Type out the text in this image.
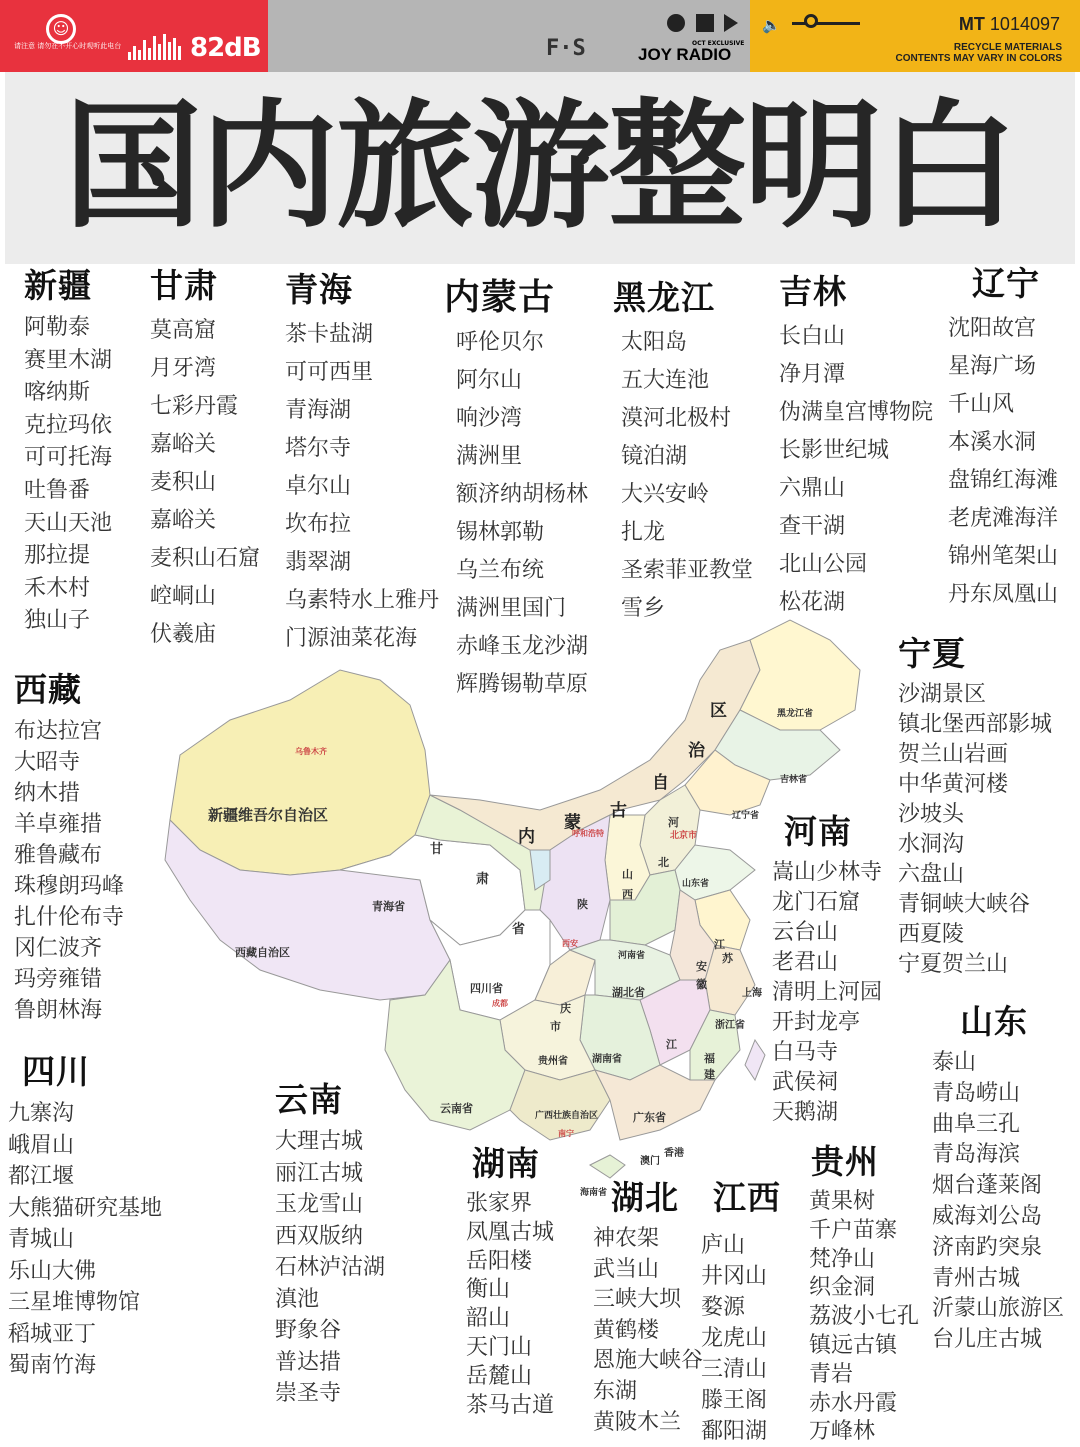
☺
请注意 请勿在不开心时观听此电台	82dB	F·S	OCT EXCLUSIVE
JOY RADIO
MT 1014097
RECYCLE MATERIALS
CONTENTS MAY VARY IN COLORS
🔈
国内旅游整明白
新疆维吾尔自治区
乌鲁木齐
青海省
西藏自治区
甘
肃
省
四川省
成都
云南省
广西壮族自治区
南宁
广东省
海南省
黑龙江省
吉林省
辽宁省
河
北京市
北
呼和浩特
山东省
山
西
陕
西安
河南省
湖北省
湖南省
贵州省
江
江
苏
安
徽
上海
浙江省
福
建
庆
市
香港
澳门
内
蒙
古
自
治
区
新疆
阿勒泰
赛里木湖
喀纳斯
克拉玛依
可可托海
吐鲁番
天山天池
那拉提
禾木村
独山子
甘肃
莫高窟
月牙湾
七彩丹霞
嘉峪关
麦积山
嘉峪关
麦积山石窟
崆峒山
伏羲庙
青海
茶卡盐湖
可可西里
青海湖
塔尔寺
卓尔山
坎布拉
翡翠湖
乌素特水上雅丹
门源油菜花海
内蒙古
呼伦贝尔
阿尔山
响沙湾
满洲里
额济纳胡杨林
锡林郭勒
乌兰布统
满洲里国门
赤峰玉龙沙湖
辉腾锡勒草原
黑龙江
太阳岛
五大连池
漠河北极村
镜泊湖
大兴安岭
扎龙
圣索菲亚教堂
雪乡
吉林
长白山
净月潭
伪满皇宫博物院
长影世纪城
六鼎山
查干湖
北山公园
松花湖
辽宁
沈阳故宫
星海广场
千山风
本溪水洞
盘锦红海滩
老虎滩海洋
锦州笔架山
丹东凤凰山
西藏
布达拉宫
大昭寺
纳木措
羊卓雍措
雅鲁藏布
珠穆朗玛峰
扎什伦布寺
冈仁波齐
玛旁雍错
鲁朗林海
宁夏
沙湖景区
镇北堡西部影城
贺兰山岩画
中华黄河楼
沙坡头
水洞沟
六盘山
青铜峡大峡谷
西夏陵
宁夏贺兰山
河南
嵩山少林寺
龙门石窟
云台山
老君山
清明上河园
开封龙亭
白马寺
武侯祠
天鹅湖
山东
泰山
青岛崂山
曲阜三孔
青岛海滨
烟台蓬莱阁
威海刘公岛
济南趵突泉
青州古城
沂蒙山旅游区
台儿庄古城
四川
九寨沟
峨眉山
都江堰
大熊猫研究基地
青城山
乐山大佛
三星堆博物馆
稻城亚丁
蜀南竹海
云南
大理古城
丽江古城
玉龙雪山
西双版纳
石林泸沽湖
滇池
野象谷
普达措
崇圣寺
湖南
张家界
凤凰古城
岳阳楼
衡山
韶山
天门山
岳麓山
茶马古道
湖北
神农架
武当山
三峡大坝
黄鹤楼
恩施大峡谷
东湖
黄陂木兰
江西
庐山
井冈山
婺源
龙虎山
三清山
滕王阁
鄱阳湖
贵州
黄果树
千户苗寨
梵净山
织金洞
荔波小七孔
镇远古镇
青岩
赤水丹霞
万峰林
